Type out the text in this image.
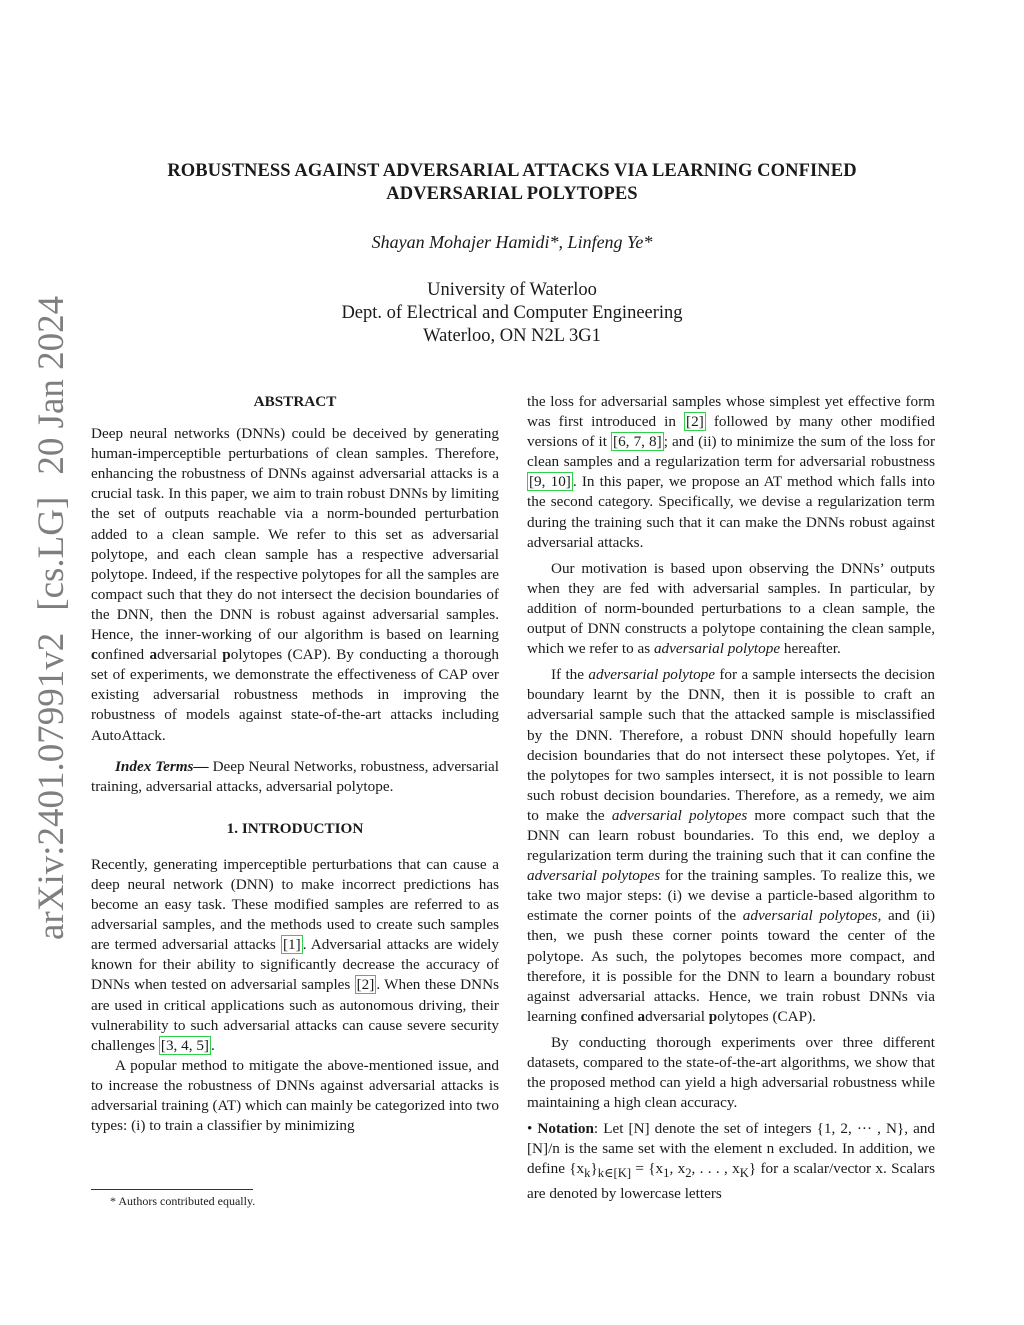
arXiv:2401.07991v2[cs.LG]20 Jan 2024
ROBUSTNESS AGAINST ADVERSARIAL ATTACKS VIA LEARNING CONFINED
ADVERSARIAL POLYTOPES
Shayan Mohajer Hamidi*, Linfeng Ye*
University of Waterloo
Dept. of Electrical and Computer Engineering
Waterloo, ON N2L 3G1

ABSTRACT

Deep neural networks (DNNs) could be deceived by generating human-imperceptible perturbations of clean samples. Therefore, enhancing the robustness of DNNs against adversarial attacks is a crucial task. In this paper, we aim to train robust DNNs by limiting the set of outputs reachable via a norm-bounded perturbation added to a clean sample. We refer to this set as adversarial polytope, and each clean sample has a respective adversarial polytope. Indeed, if the respective polytopes for all the samples are compact such that they do not intersect the decision boundaries of the DNN, then the DNN is robust against adversarial samples. Hence, the inner-working of our algorithm is based on learning confined adversarial polytopes (CAP). By conducting a thorough set of experiments, we demonstrate the effectiveness of CAP over existing adversarial robustness methods in improving the robustness of models against state-of-the-art attacks including AutoAttack.

Index Terms— Deep Neural Networks, robustness, adversarial training, adversarial attacks, adversarial polytope.

1. INTRODUCTION

Recently, generating imperceptible perturbations that can cause a deep neural network (DNN) to make incorrect predictions has become an easy task. These modified samples are referred to as adversarial samples, and the methods used to create such samples are termed adversarial attacks [1] . Adversarial attacks are widely known for their ability to significantly decrease the accuracy of DNNs when tested on adversarial samples [2] . When these DNNs are used in critical applications such as autonomous driving, their vulnerability to such adversarial attacks can cause severe security challenges [3, 4, 5] .

A popular method to mitigate the above-mentioned issue, and to increase the robustness of DNNs against adversarial attacks is adversarial training (AT) which can mainly be categorized into two types: (i) to train a classifier by minimizing

the loss for adversarial samples whose simplest yet effective form was first introduced in [2] followed by many other modified versions of it [6, 7, 8] ; and (ii) to minimize the sum of the loss for clean samples and a regularization term for adversarial robustness [9, 10] . In this paper, we propose an AT method which falls into the second category. Specifically, we devise a regularization term during the training such that it can make the DNNs robust against adversarial attacks.

Our motivation is based upon observing the DNNs’ outputs when they are fed with adversarial samples. In particular, by addition of norm-bounded perturbations to a clean sample, the output of DNN constructs a polytope containing the clean sample, which we refer to as adversarial polytope hereafter.

If the adversarial polytope for a sample intersects the decision boundary learnt by the DNN, then it is possible to craft an adversarial sample such that the attacked sample is misclassified by the DNN. Therefore, a robust DNN should hopefully learn decision boundaries that do not intersect these polytopes. Yet, if the polytopes for two samples intersect, it is not possible to learn such robust decision boundaries. Therefore, as a remedy, we aim to make the adversarial polytopes more compact such that the DNN can learn robust boundaries. To this end, we deploy a regularization term during the training such that it can confine the adversarial polytopes for the training samples. To realize this, we take two major steps: (i) we devise a particle-based algorithm to estimate the corner points of the adversarial polytopes, and (ii) then, we push these corner points toward the center of the polytope. As such, the polytopes becomes more compact, and therefore, it is possible for the DNN to learn a boundary robust against adversarial attacks. Hence, we train robust DNNs via learning confined adversarial polytopes (CAP).

By conducting thorough experiments over three different datasets, compared to the state-of-the-art algorithms, we show that the proposed method can yield a high adversarial robustness while maintaining a high clean accuracy.

• Notation: Let [N] denote the set of integers {1, 2, ··· , N}, and [N]/n is the same set with the element n excluded. In addition, we define $\{x_k\}_{k\in[K]} = \{x_1$, $x_2$, . . . , $x_K$} for a scalar/vector x. Scalars are denoted by lowercase letters

* Authors contributed equally.
